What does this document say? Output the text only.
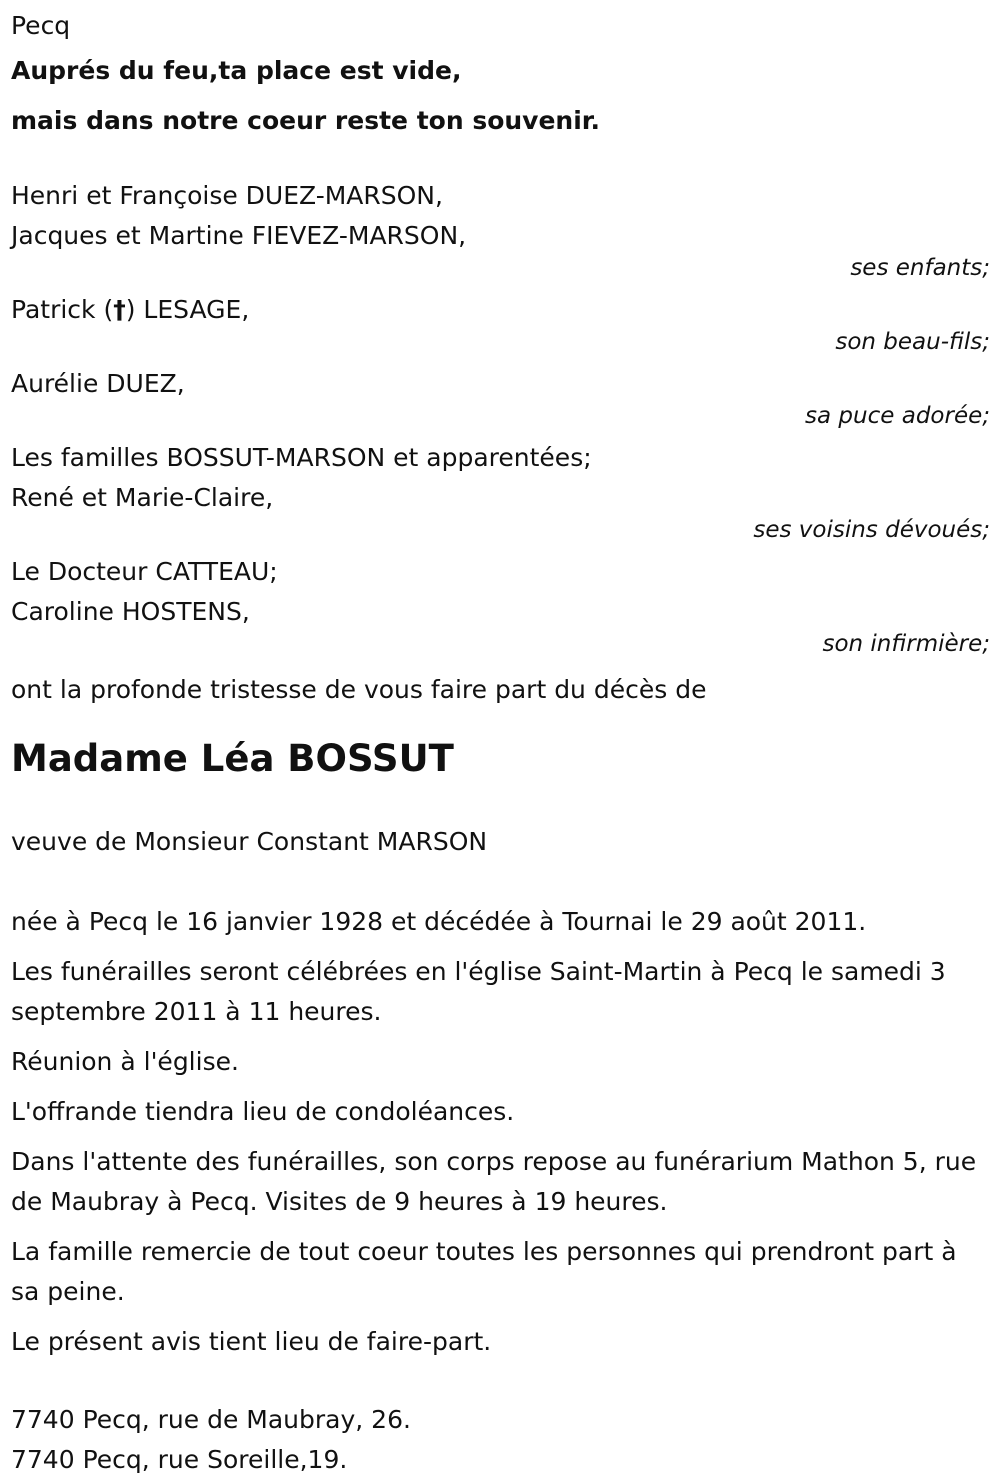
Pecq

Auprés du feu,ta place est vide,

mais dans notre coeur reste ton souvenir.

Henri et Françoise DUEZ-MARSON,

Jacques et Martine FIEVEZ-MARSON,

ses enfants;

Patrick (†) LESAGE,

son beau-fils;

Aurélie DUEZ,

sa puce adorée;

Les familles BOSSUT-MARSON et apparentées;

René et Marie-Claire,

ses voisins dévoués;

Le Docteur CATTEAU;

Caroline HOSTENS,

son infirmière;

ont la profonde tristesse de vous faire part du décès de

Madame Léa BOSSUT

veuve de Monsieur Constant MARSON

née à Pecq le 16 janvier 1928 et décédée à Tournai le 29 août 2011.

Les funérailles seront célébrées en l'église Saint-Martin à Pecq le samedi 3 septembre 2011 à 11 heures.

Réunion à l'église.

L'offrande tiendra lieu de condoléances.

Dans l'attente des funérailles, son corps repose au funérarium Mathon 5, rue de Maubray à Pecq. Visites de 9 heures à 19 heures.

La famille remercie de tout coeur toutes les personnes qui prendront part à sa peine.

Le présent avis tient lieu de faire-part.

7740 Pecq, rue de Maubray, 26.

7740 Pecq, rue Soreille,19.
